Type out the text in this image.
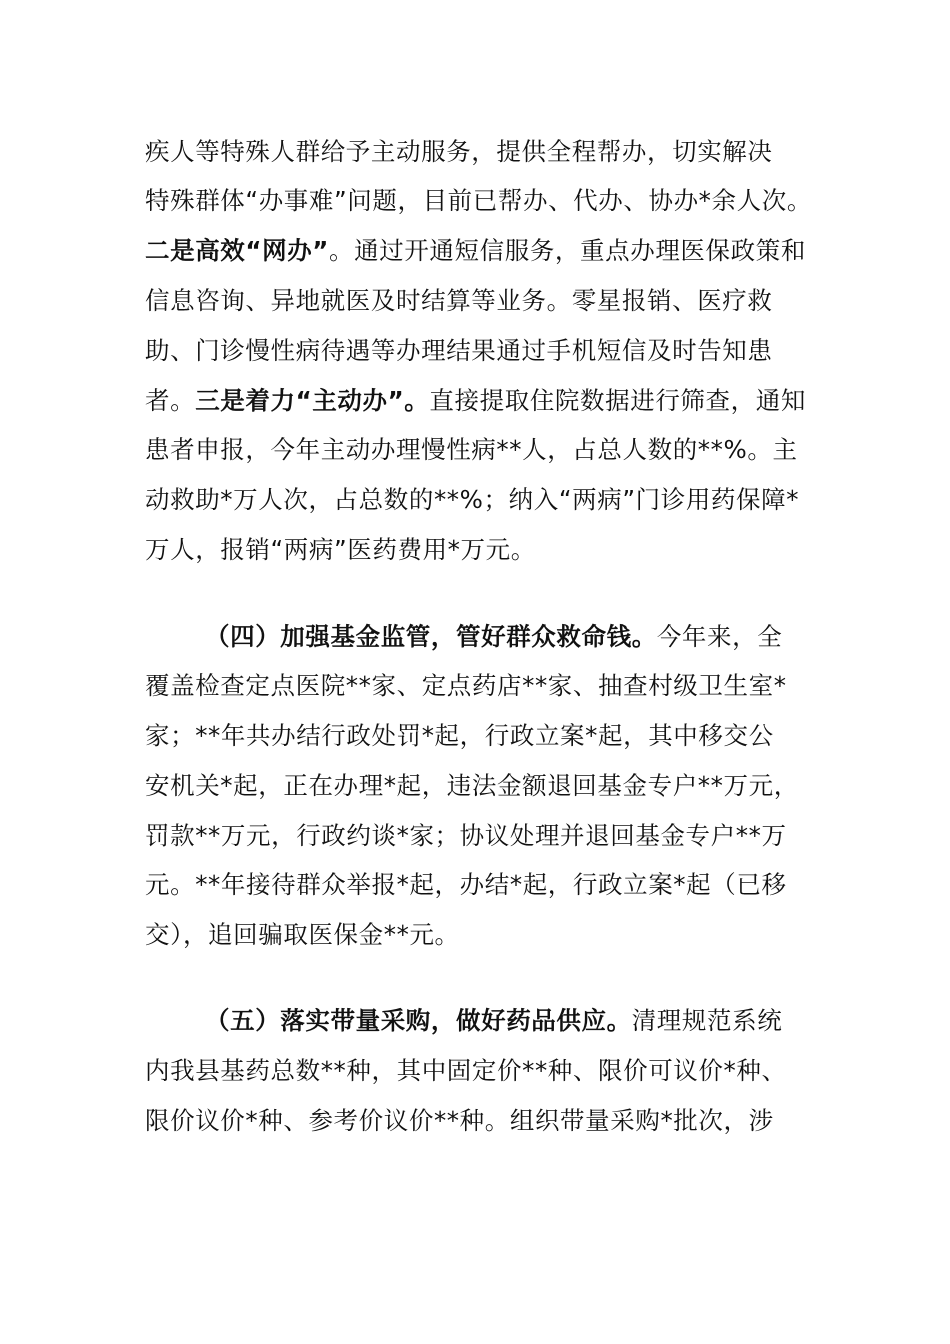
疾人等特殊人群给予主动服务，提供全程帮办，切实解决
特殊群体“办事难”问题，目前已帮办、代办、协办*余人次。
二是高效“网办”。通过开通短信服务，重点办理医保政策和
信息咨询、异地就医及时结算等业务。零星报销、医疗救
助、门诊慢性病待遇等办理结果通过手机短信及时告知患
者。三是着力“主动办”。直接提取住院数据进行筛查，通知
患者申报，今年主动办理慢性病**人，占总人数的**%。主
动救助*万人次，占总数的**%；纳入“两病”门诊用药保障*
万人，报销“两病”医药费用*万元。
（四）加强基金监管，管好群众救命钱。今年来，全
覆盖检查定点医院**家、定点药店**家、抽查村级卫生室*
家；**年共办结行政处罚*起，行政立案*起，其中移交公
安机关*起，正在办理*起，违法金额退回基金专户**万元，
罚款**万元，行政约谈*家；协议处理并退回基金专户**万
元。**年接待群众举报*起，办结*起，行政立案*起（已移
交），追回骗取医保金**元。
（五）落实带量采购，做好药品供应。清理规范系统
内我县基药总数**种，其中固定价**种、限价可议价*种、
限价议价*种、参考价议价**种。组织带量采购*批次，涉
